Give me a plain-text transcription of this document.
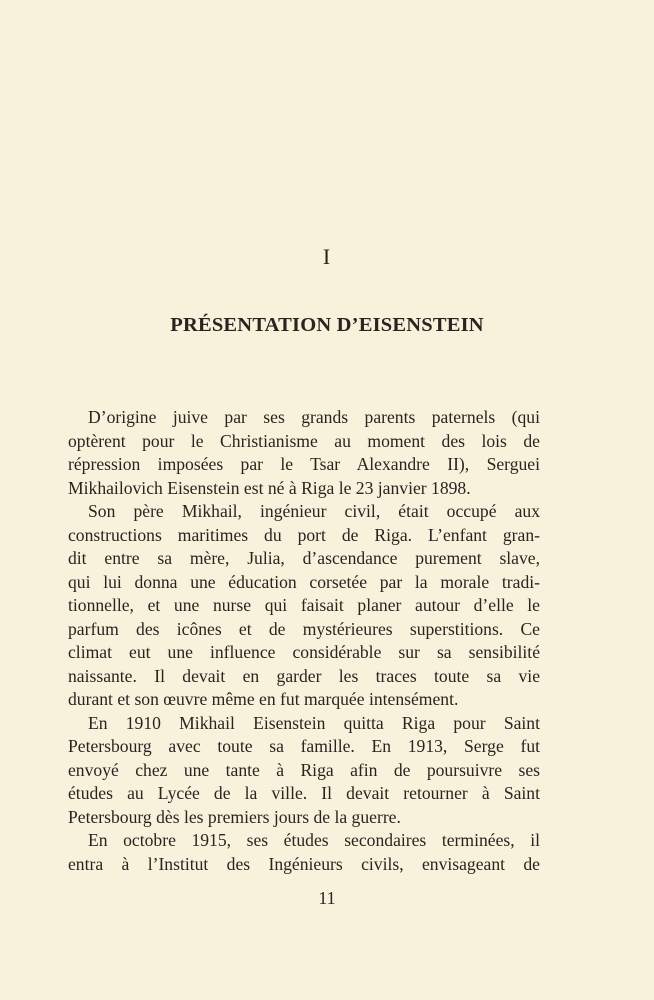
I
PRÉSENTATION D’EISENSTEIN
D’origine juive par ses grands parents paternels (qui
optèrent pour le Christianisme au moment des lois de
répression imposées par le Tsar Alexandre II), Serguei
Mikhailovich Eisenstein est né à Riga le 23 janvier 1898.
Son père Mikhail, ingénieur civil, était occupé aux
constructions maritimes du port de Riga. L’enfant gran-
dit entre sa mère, Julia, d’ascendance purement slave,
qui lui donna une éducation corsetée par la morale tradi-
tionnelle, et une nurse qui faisait planer autour d’elle le
parfum des icônes et de mystérieures superstitions. Ce
climat eut une influence considérable sur sa sensibilité
naissante. Il devait en garder les traces toute sa vie
durant et son œuvre même en fut marquée intensément.
En 1910 Mikhail Eisenstein quitta Riga pour Saint
Petersbourg avec toute sa famille. En 1913, Serge fut
envoyé chez une tante à Riga afin de poursuivre ses
études au Lycée de la ville. Il devait retourner à Saint
Petersbourg dès les premiers jours de la guerre.
En octobre 1915, ses études secondaires terminées, il
entra à l’Institut des Ingénieurs civils, envisageant de
11
